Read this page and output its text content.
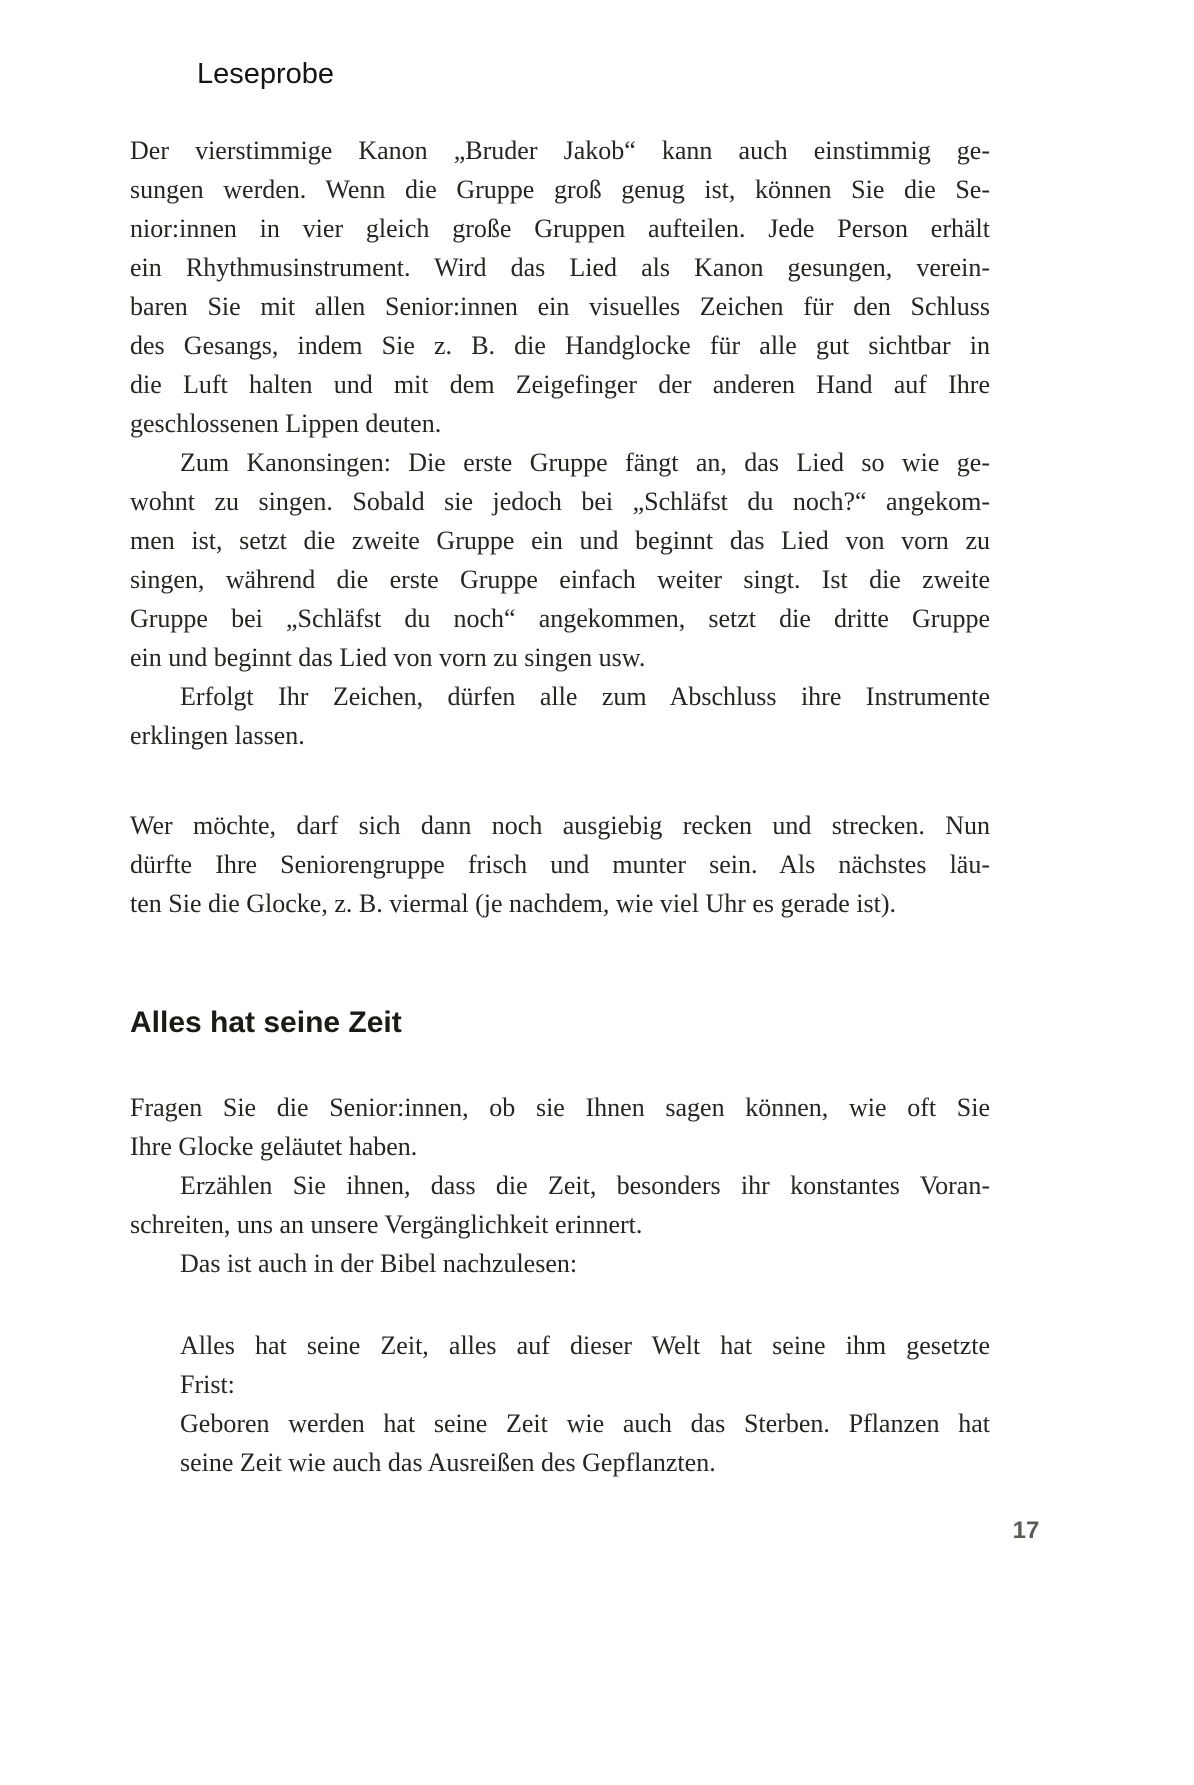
Leseprobe
Der vierstimmige Kanon „Bruder Jakob“ kann auch einstimmig ge-
sungen werden. Wenn die Gruppe groß genug ist, können Sie die Se-
nior:innen in vier gleich große Gruppen aufteilen. Jede Person erhält
ein Rhythmusinstrument. Wird das Lied als Kanon gesungen, verein-
baren Sie mit allen Senior:innen ein visuelles Zeichen für den Schluss
des Gesangs, indem Sie z. B. die Handglocke für alle gut sichtbar in
die Luft halten und mit dem Zeigefinger der anderen Hand auf Ihre
geschlossenen Lippen deuten.
Zum Kanonsingen: Die erste Gruppe fängt an, das Lied so wie ge-
wohnt zu singen. Sobald sie jedoch bei „Schläfst du noch?“ angekom-
men ist, setzt die zweite Gruppe ein und beginnt das Lied von vorn zu
singen, während die erste Gruppe einfach weiter singt. Ist die zweite
Gruppe bei „Schläfst du noch“ angekommen, setzt die dritte Gruppe
ein und beginnt das Lied von vorn zu singen usw.
Erfolgt Ihr Zeichen, dürfen alle zum Abschluss ihre Instrumente
erklingen lassen.
Wer möchte, darf sich dann noch ausgiebig recken und strecken. Nun
dürfte Ihre Seniorengruppe frisch und munter sein. Als nächstes läu-
ten Sie die Glocke, z. B. viermal (je nachdem, wie viel Uhr es gerade ist).
Alles hat seine Zeit
Fragen Sie die Senior:innen, ob sie Ihnen sagen können, wie oft Sie
Ihre Glocke geläutet haben.
Erzählen Sie ihnen, dass die Zeit, besonders ihr konstantes Voran-
schreiten, uns an unsere Vergänglichkeit erinnert.
Das ist auch in der Bibel nachzulesen:
Alles hat seine Zeit, alles auf dieser Welt hat seine ihm gesetzte
Frist:
Geboren werden hat seine Zeit wie auch das Sterben. Pflanzen hat
seine Zeit wie auch das Ausreißen des Gepflanzten.
17
